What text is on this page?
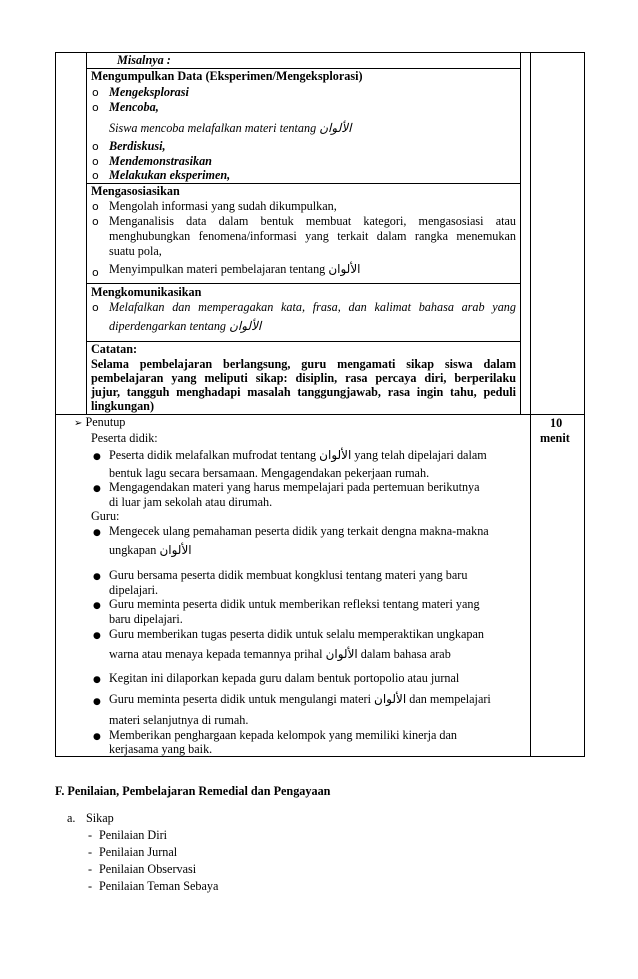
Misalnya :
Mengumpulkan Data (Eksperimen/Mengeksplorasi)
o Mengeksplorasi
o Mencoba,
Siswa mencoba melafalkan materi tentang الألوان
o Berdiskusi,
o Mendemonstrasikan
o Melakukan eksperimen,
Mengasosiasikan
o Mengolah informasi yang sudah dikumpulkan,
o Menganalisis data dalam bentuk membuat kategori, mengasosiasi atau
menghubungkan fenomena/informasi yang terkait dalam rangka menemukan
suatu pola,
o Menyimpulkan materi pembelajaran tentang الألوان
Mengkomunikasikan
o Melafalkan dan memperagakan kata, frasa, dan kalimat bahasa arab yang
diperdengarkan tentang الألوان
Catatan:
Selama pembelajaran berlangsung, guru mengamati sikap siswa dalam
pembelajaran yang meliputi sikap: disiplin, rasa percaya diri, berperilaku
jujur, tangguh menghadapi masalah tanggungjawab, rasa ingin tahu, peduli
lingkungan)
➢ Penutup	10
menit
Peserta didik:
● Peserta didik melafalkan mufrodat tentang الألوان yang telah dipelajari dalam
bentuk lagu secara bersamaan. Mengagendakan pekerjaan rumah.
● Mengagendakan materi yang harus mempelajari pada pertemuan berikutnya
di luar jam sekolah atau dirumah.
Guru:
● Mengecek ulang pemahaman peserta didik yang terkait dengna makna-makna
ungkapan الألوان
● Guru bersama peserta didik membuat kongklusi tentang materi yang baru
dipelajari.
● Guru meminta peserta didik untuk memberikan refleksi tentang materi yang
baru dipelajari.
● Guru memberikan tugas peserta didik untuk selalu memperaktikan ungkapan
warna atau menaya kepada temannya prihal الألوان dalam bahasa arab
● Kegitan ini dilaporkan kepada guru dalam bentuk portopolio atau jurnal
● Guru meminta peserta didik untuk mengulangi materi الألوان dan mempelajari
materi selanjutnya di rumah.
● Memberikan penghargaan kepada kelompok yang memiliki kinerja dan
kerjasama yang baik.
F. Penilaian, Pembelajaran Remedial dan Pengayaan
a. Sikap
- Penilaian Diri
- Penilaian Jurnal
- Penilaian Observasi
- Penilaian Teman Sebaya
